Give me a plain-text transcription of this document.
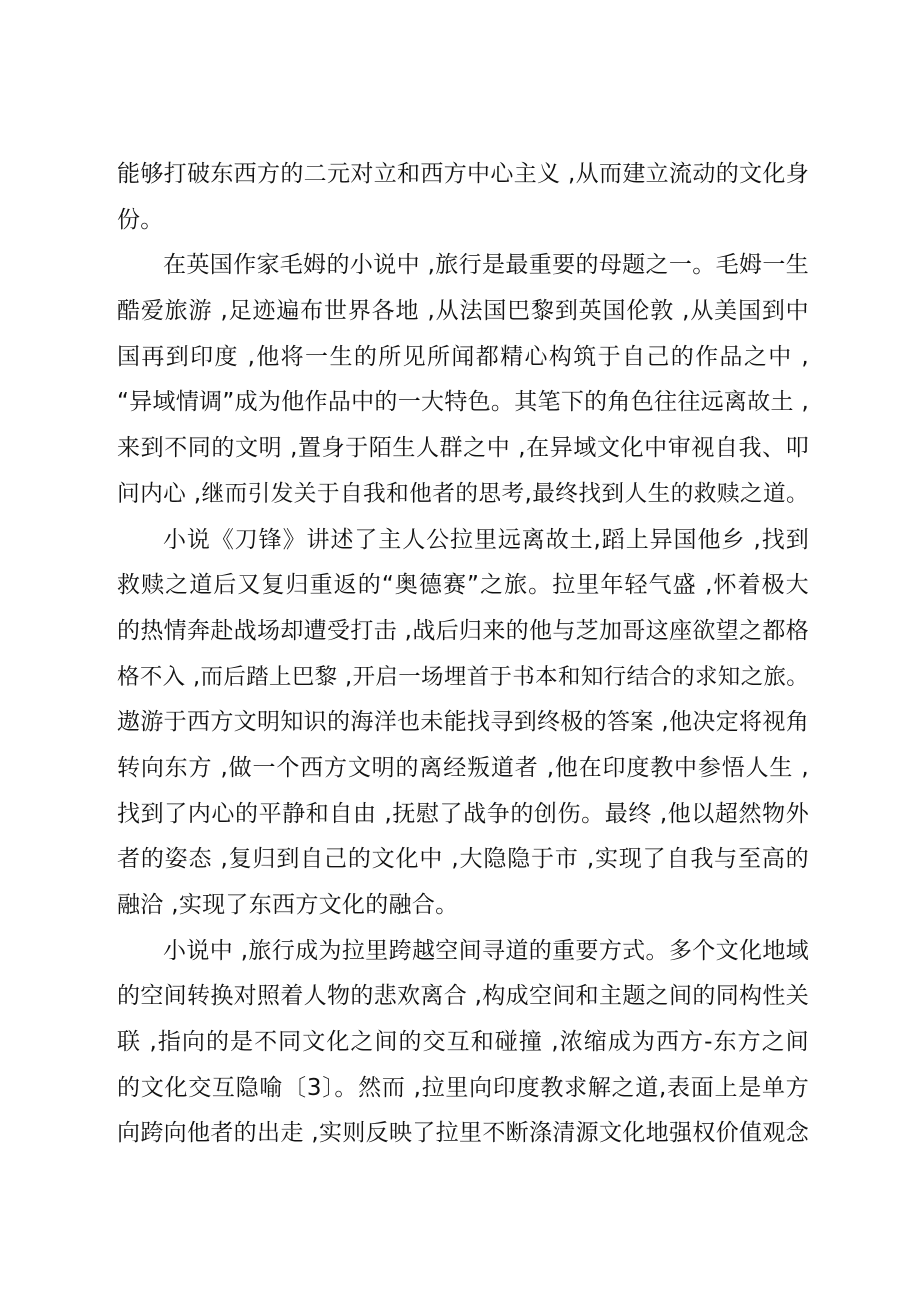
能够打破东西方的二元对立和西方中心主义 ,从而建立流动的文化身
份。
在英国作家毛姆的小说中 ,旅行是最重要的母题之一。毛姆一生
酷爱旅游 ,足迹遍布世界各地 ,从法国巴黎到英国伦敦 ,从美国到中
国再到印度 ,他将一生的所见所闻都精心构筑于自己的作品之中 ,
“异域情调”成为他作品中的一大特色。其笔下的角色往往远离故土 ,
来到不同的文明 ,置身于陌生人群之中 ,在异域文化中审视自我、叩
问内心 ,继而引发关于自我和他者的思考,最终找到人生的救赎之道。
小说《刀锋》讲述了主人公拉里远离故土,蹈上异国他乡 ,找到
救赎之道后又复归重返的“奥德赛”之旅。拉里年轻气盛 ,怀着极大
的热情奔赴战场却遭受打击 ,战后归来的他与芝加哥这座欲望之都格
格不入 ,而后踏上巴黎 ,开启一场埋首于书本和知行结合的求知之旅。
遨游于西方文明知识的海洋也未能找寻到终极的答案 ,他决定将视角
转向东方 ,做一个西方文明的离经叛道者 ,他在印度教中参悟人生 ,
找到了内心的平静和自由 ,抚慰了战争的创伤。最终 ,他以超然物外
者的姿态 ,复归到自己的文化中 ,大隐隐于市 ,实现了自我与至高的
融洽 ,实现了东西方文化的融合。
小说中 ,旅行成为拉里跨越空间寻道的重要方式。多个文化地域
的空间转换对照着人物的悲欢离合 ,构成空间和主题之间的同构性关
联 ,指向的是不同文化之间的交互和碰撞 ,浓缩成为西方-东方之间
的文化交互隐喻〔3〕。然而 ,拉里向印度教求解之道,表面上是单方
向跨向他者的出走 ,实则反映了拉里不断涤清源文化地强权价值观念
